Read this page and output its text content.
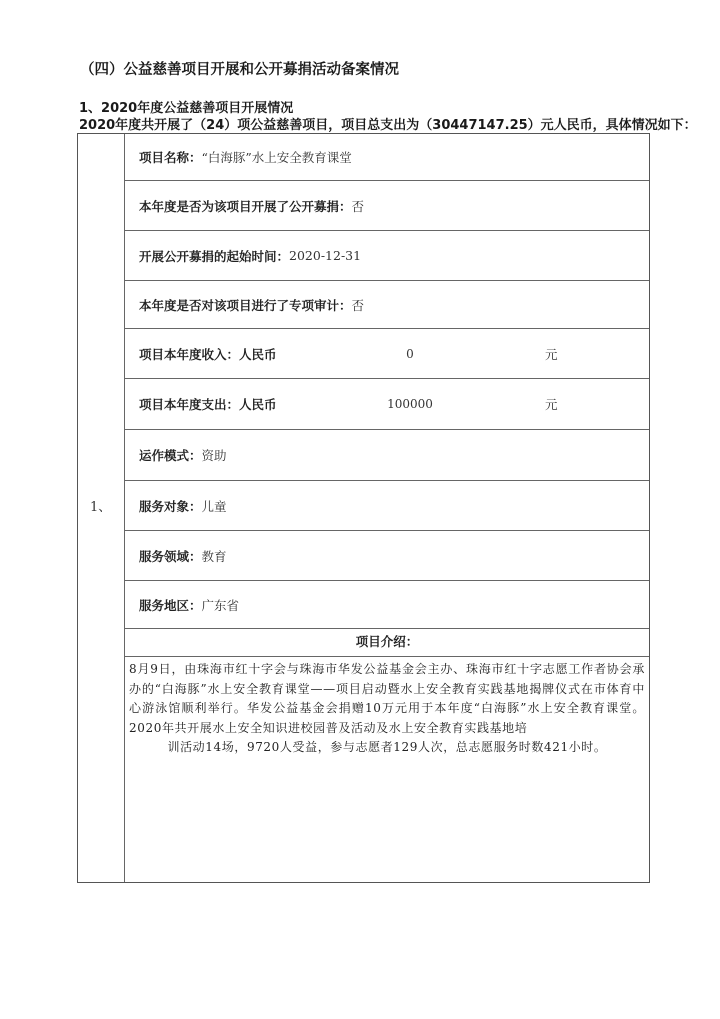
（四）公益慈善项目开展和公开募捐活动备案情况
1、2020年度公益慈善项目开展情况
2020年度共开展了（24）项公益慈善项目，项目总支出为（30447147.25）元人民币，具体情况如下：
1、
项目名称： “白海豚”水上安全教育课堂
本年度是否为该项目开展了公开募捐： 否
开展公开募捐的起始时间： 2020-12-31
本年度是否对该项目进行了专项审计： 否
项目本年度收入：人民币	0	元
项目本年度支出：人民币	100000	元
运作模式： 资助
服务对象： 儿童
服务领域： 教育
服务地区： 广东省
项目介绍：
8月9日，由珠海市红十字会与珠海市华发公益基金会主办、珠海市红十字志愿工作者协会承办的“白海豚”水上安全教育课堂——项目启动暨水上安全教育实践基地揭牌仪式在市体育中心游泳馆顺利举行。华发公益基金会捐赠10万元用于本年度“白海豚”水上安全教育课堂。2020年共开展水上安全知识进校园普及活动及水上安全教育实践基地培
训活动14场，9720人受益，参与志愿者129人次，总志愿服务时数421小时。
